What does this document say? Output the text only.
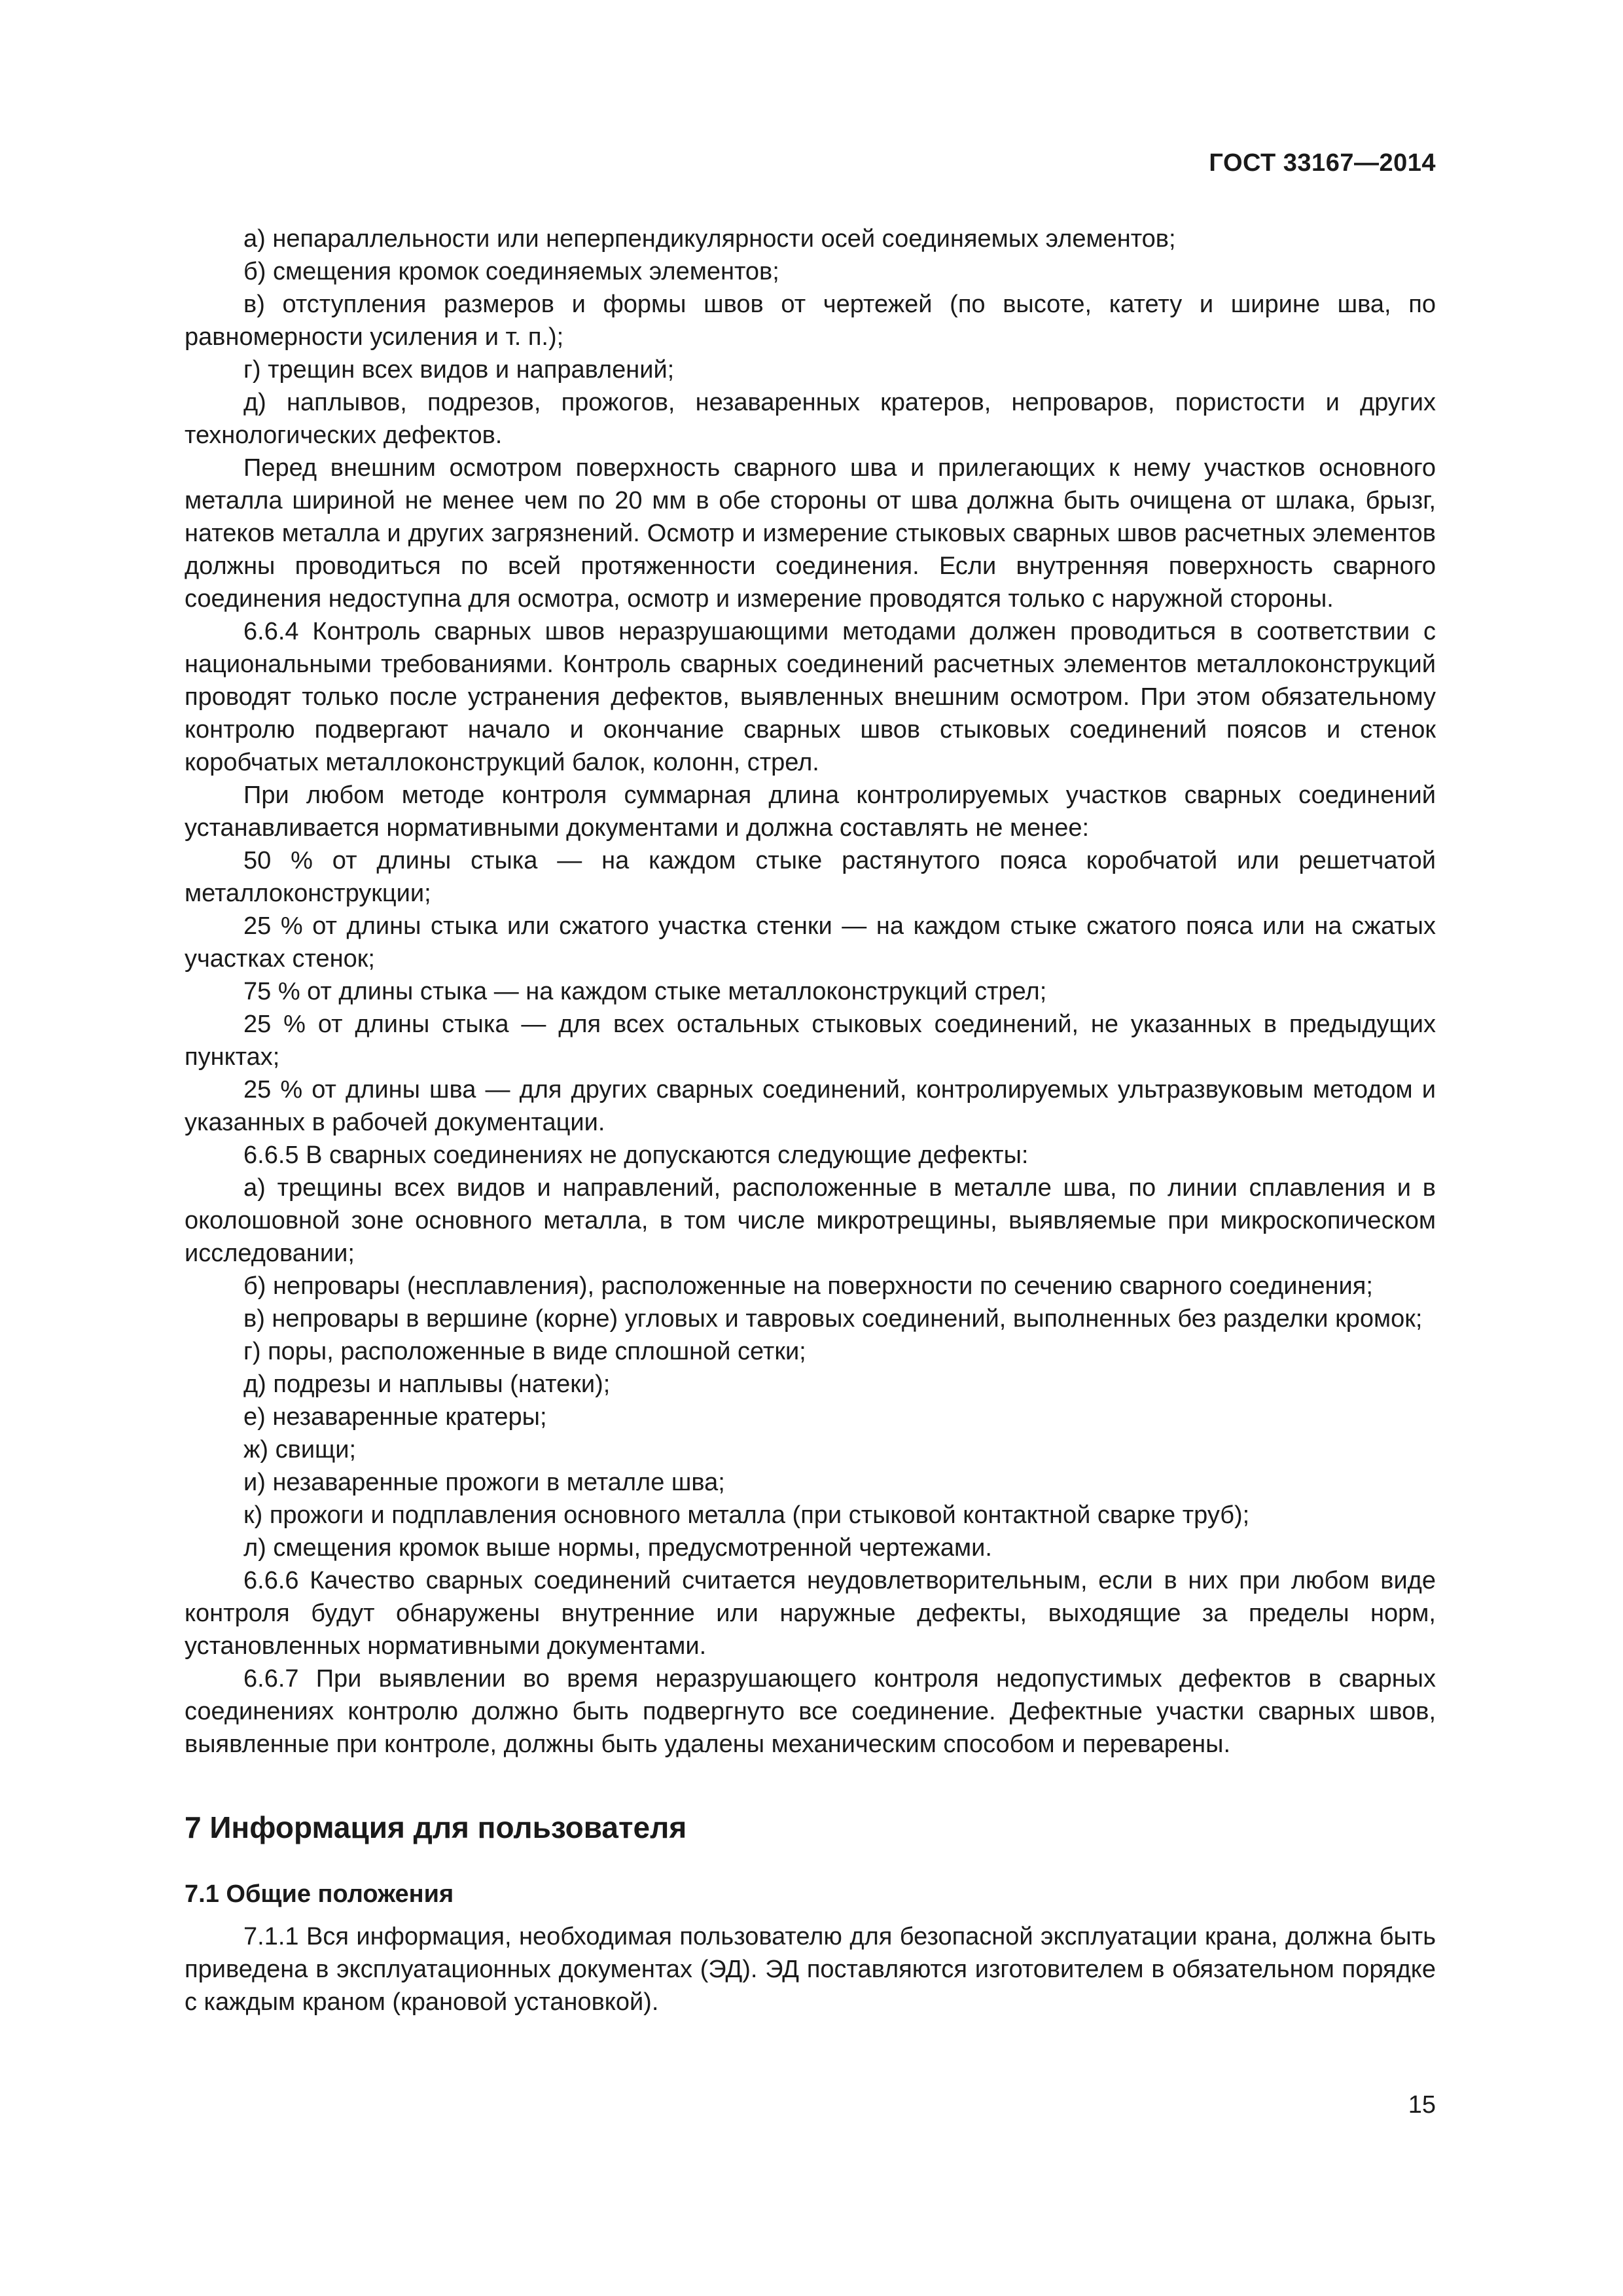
ГОСТ 33167—2014

а) непараллельности или неперпендикулярности осей соединяемых элементов;

б) смещения кромок соединяемых элементов;

в) отступления размеров и формы швов от чертежей (по высоте, катету и ширине шва, по равномерности усиления и т. п.);

г) трещин всех видов и направлений;

д) наплывов, подрезов, прожогов, незаваренных кратеров, непроваров, пористости и других технологических дефектов.

Перед внешним осмотром поверхность сварного шва и прилегающих к нему участков основного металла шириной не менее чем по 20 мм в обе стороны от шва должна быть очищена от шлака, брызг, натеков металла и других загрязнений. Осмотр и измерение стыковых сварных швов расчетных элементов должны проводиться по всей протяженности соединения. Если внутренняя поверхность сварного соединения недоступна для осмотра, осмотр и измерение проводятся только с наружной стороны.

6.6.4 Контроль сварных швов неразрушающими методами должен проводиться в соответствии с национальными требованиями. Контроль сварных соединений расчетных элементов металлоконструкций проводят только после устранения дефектов, выявленных внешним осмотром. При этом обязательному контролю подвергают начало и окончание сварных швов стыковых соединений поясов и стенок коробчатых металлоконструкций балок, колонн, стрел.

При любом методе контроля суммарная длина контролируемых участков сварных соединений устанавливается нормативными документами и должна составлять не менее:

50 % от длины стыка — на каждом стыке растянутого пояса коробчатой или решетчатой металлоконструкции;

25 % от длины стыка или сжатого участка стенки — на каждом стыке сжатого пояса или на сжатых участках стенок;

75 % от длины стыка — на каждом стыке металлоконструкций стрел;

25 % от длины стыка — для всех остальных стыковых соединений, не указанных в предыдущих пунктах;

25 % от длины шва — для других сварных соединений, контролируемых ультразвуковым методом и указанных в рабочей документации.

6.6.5 В сварных соединениях не допускаются следующие дефекты:

а) трещины всех видов и направлений, расположенные в металле шва, по линии сплавления и в околошовной зоне основного металла, в том числе микротрещины, выявляемые при микроскопическом исследовании;

б) непровары (несплавления), расположенные на поверхности по сечению сварного соединения;

в) непровары в вершине (корне) угловых и тавровых соединений, выполненных без разделки кромок;

г) поры, расположенные в виде сплошной сетки;

д) подрезы и наплывы (натеки);

е) незаваренные кратеры;

ж) свищи;

и) незаваренные прожоги в металле шва;

к) прожоги и подплавления основного металла (при стыковой контактной сварке труб);

л) смещения кромок выше нормы, предусмотренной чертежами.

6.6.6 Качество сварных соединений считается неудовлетворительным, если в них при любом виде контроля будут обнаружены внутренние или наружные дефекты, выходящие за пределы норм, установленных нормативными документами.

6.6.7 При выявлении во время неразрушающего контроля недопустимых дефектов в сварных соединениях контролю должно быть подвергнуто все соединение. Дефектные участки сварных швов, выявленные при контроле, должны быть удалены механическим способом и переварены.

7 Информация для пользователя
7.1 Общие положения

7.1.1 Вся информация, необходимая пользователю для безопасной эксплуатации крана, должна быть приведена в эксплуатационных документах (ЭД). ЭД поставляются изготовителем в обязательном порядке с каждым краном (крановой установкой).

15
